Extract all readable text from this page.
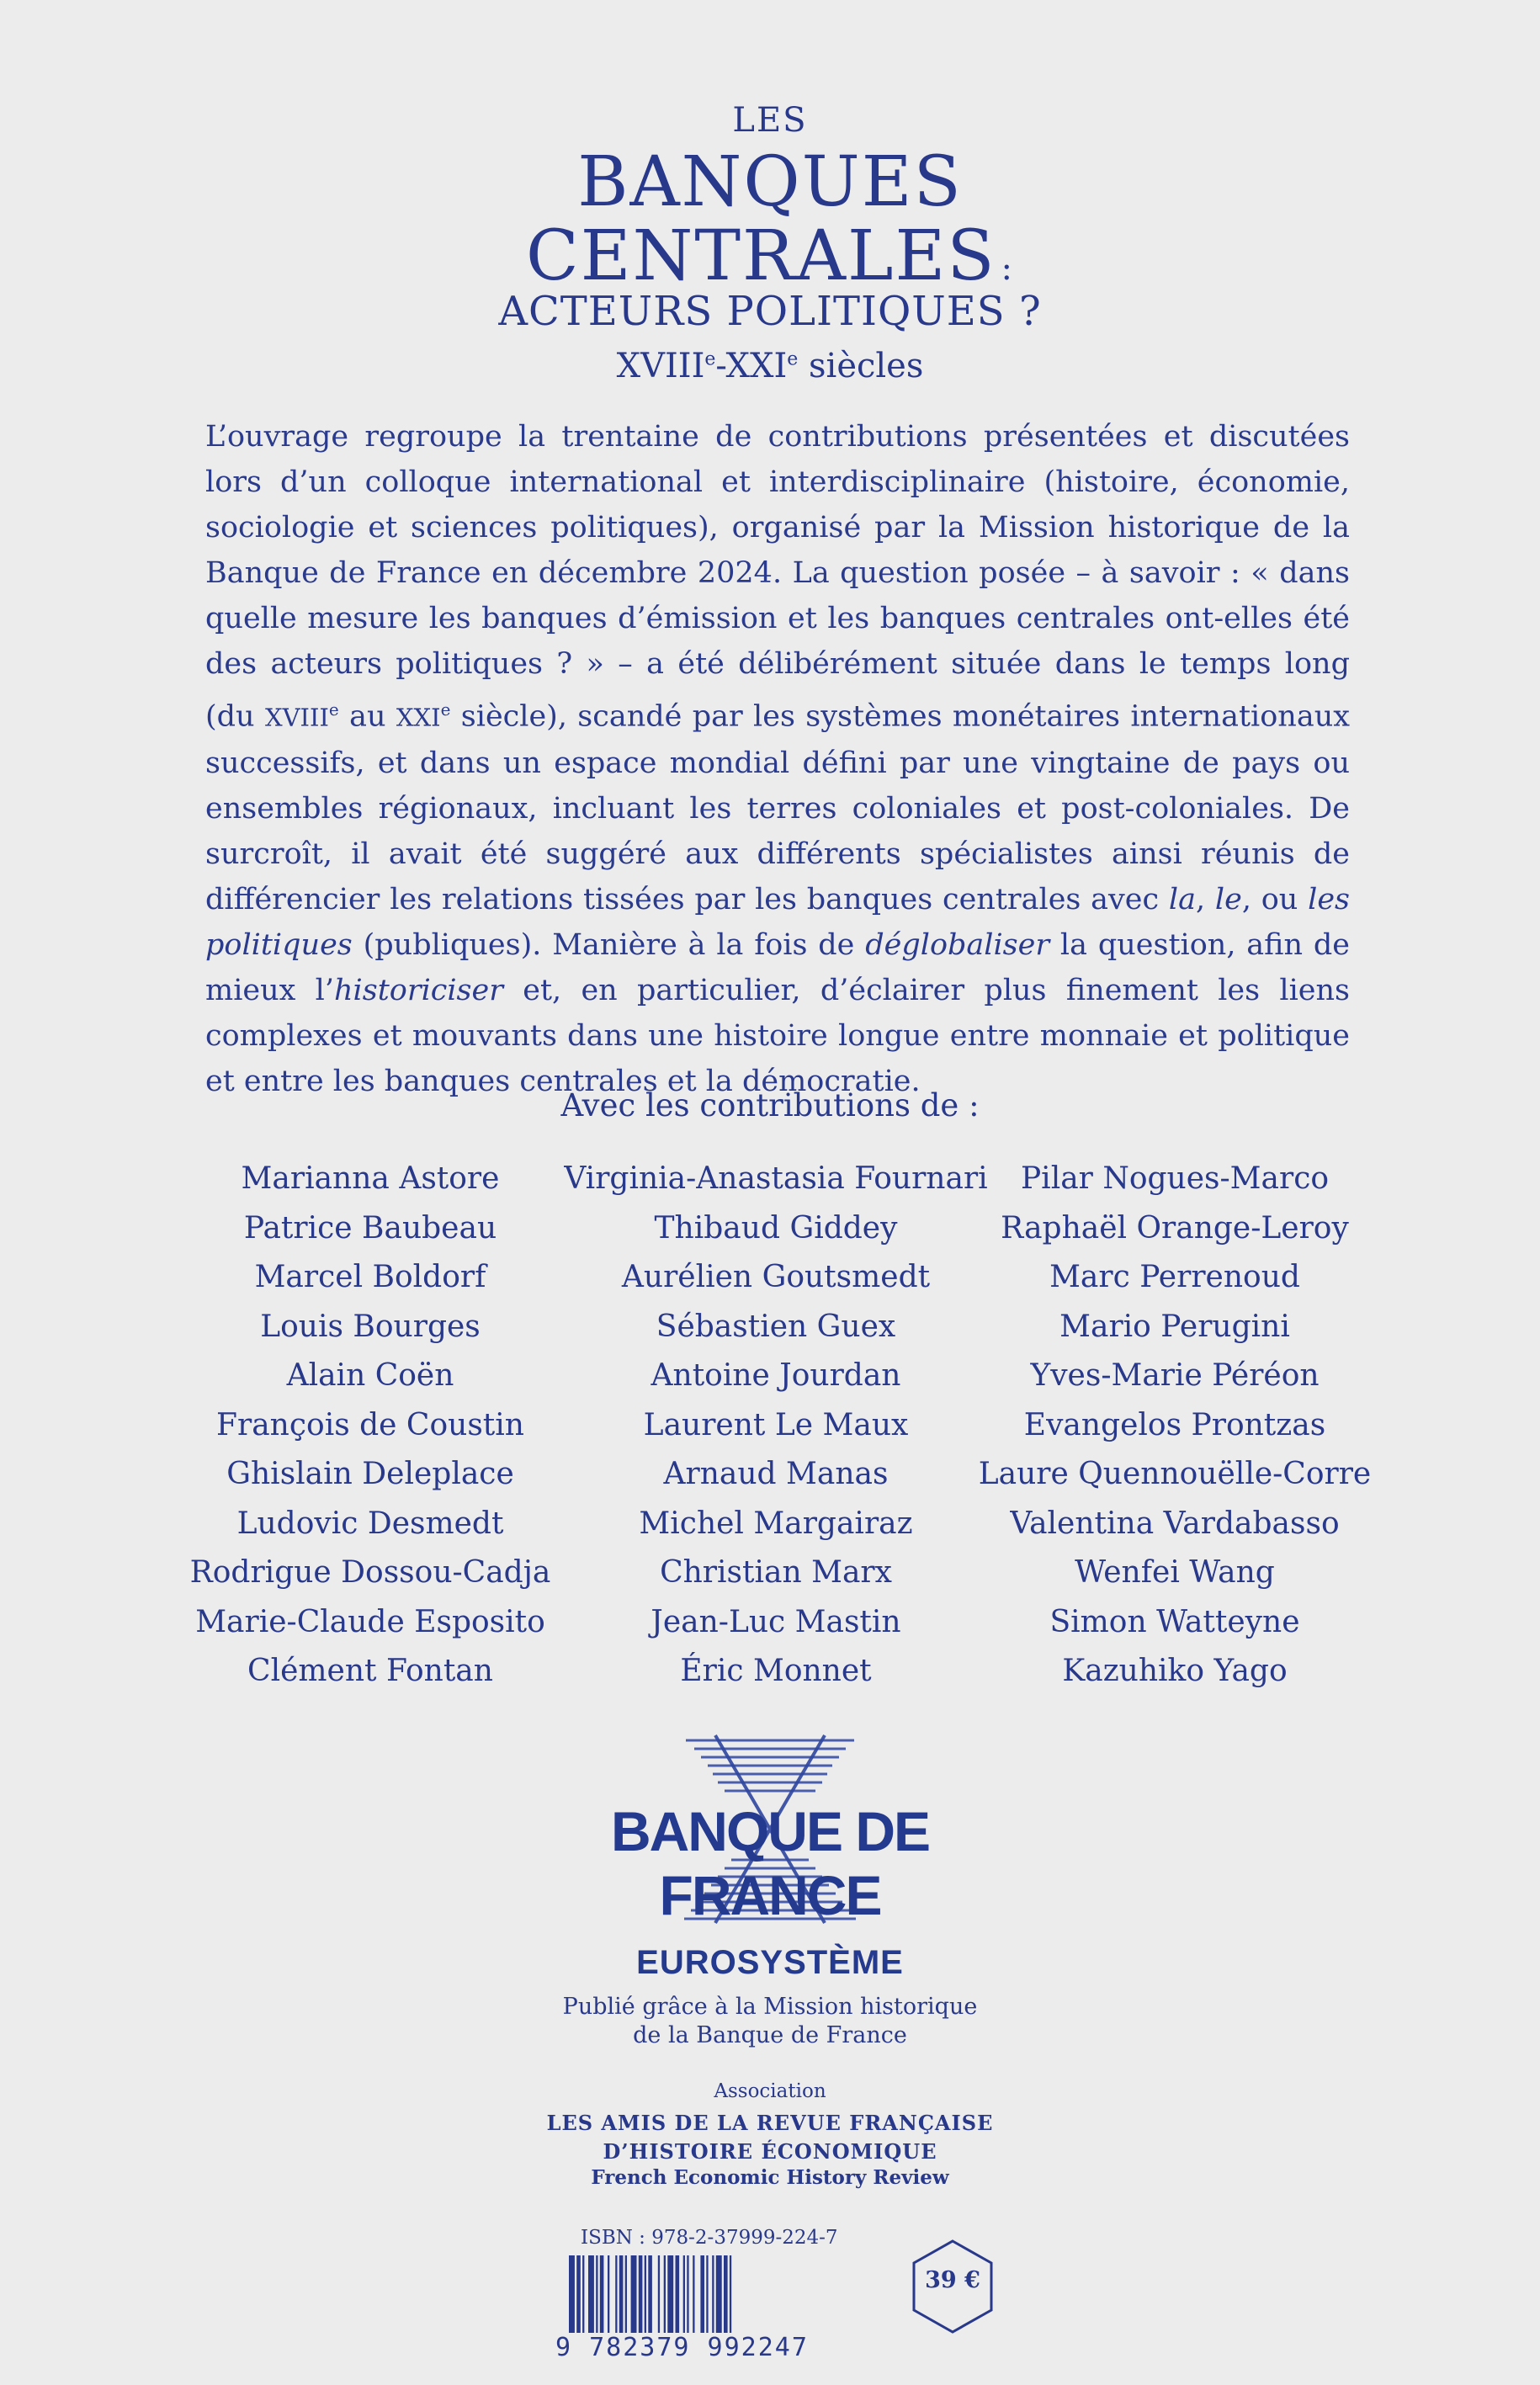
LES
BANQUES
CENTRALES :
ACTEURS POLITIQUES ?
XVIIIe-XXIe siècles

L’ouvrage regroupe la trentaine de contributions présentées et discutées lors d’un colloque international et interdisciplinaire (histoire, économie, sociologie et sciences politiques), organisé par la Mission historique de la Banque de France en décembre 2024. La question posée – à savoir : « dans quelle mesure les banques d’émission et les banques centrales ont-elles été des acteurs politiques ? » – a été délibérément située dans le temps long (du XVIIIe au XXIe siècle), scandé par les systèmes monétaires internationaux successifs, et dans un espace mondial défini par une vingtaine de pays ou ensembles régionaux, incluant les terres coloniales et post-coloniales. De surcroît, il avait été suggéré aux différents spécialistes ainsi réunis de différencier les relations tissées par les banques centrales avec la, le, ou les politiques (publiques). Manière à la fois de déglobaliser la question, afin de mieux l’historiciser et, en particulier, d’éclairer plus finement les liens complexes et mouvants dans une histoire longue entre monnaie et politique et entre les banques centrales et la démocratie.

Avec les contributions de :
Marianna Astore
Patrice Baubeau
Marcel Boldorf
Louis Bourges
Alain Coën
François de Coustin
Ghislain Deleplace
Ludovic Desmedt
Rodrigue Dossou-Cadja
Marie-Claude Esposito
Clément Fontan
Virginia-Anastasia Fournari
Thibaud Giddey
Aurélien Goutsmedt
Sébastien Guex
Antoine Jourdan
Laurent Le Maux
Arnaud Manas
Michel Margairaz
Christian Marx
Jean-Luc Mastin
Éric Monnet
Pilar Nogues-Marco
Raphaël Orange-Leroy
Marc Perrenoud
Mario Perugini
Yves-Marie Péréon
Evangelos Prontzas
Laure Quennouëlle-Corre
Valentina Vardabasso
Wenfei Wang
Simon Watteyne
Kazuhiko Yago
BANQUE DE FRANCE
EUROSYSTÈME
Publié grâce à la Mission historique
de la Banque de France
Association
LES AMIS DE LA REVUE FRANÇAISE
D’HISTOIRE ÉCONOMIQUE
French Economic History Review
ISBN : 978-2-37999-224-7
9 782379 992247
39 €
